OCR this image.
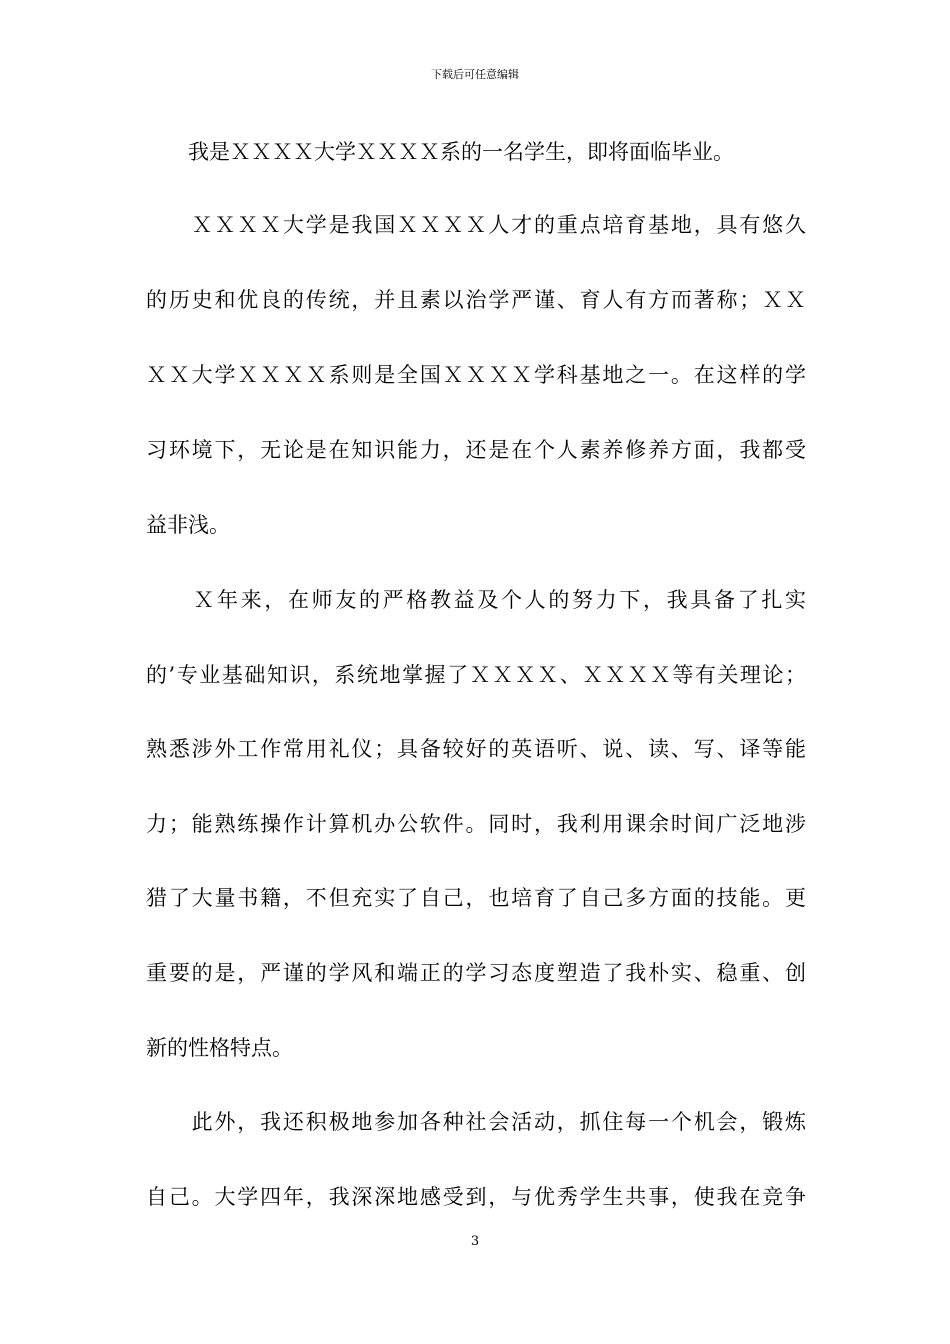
下载后可任意编辑
　　我是ＸＸＸＸ大学ＸＸＸＸ系的一名学生，即将面临毕业。
　　ＸＸＸＸ大学是我国ＸＸＸＸ人才的重点培育基地，具有悠久
的历史和优良的传统，并且素以治学严谨、育人有方而著称；ＸＸ
ＸＸ大学ＸＸＸＸ系则是全国ＸＸＸＸ学科基地之一。在这样的学
习环境下，无论是在知识能力，还是在个人素养修养方面，我都受
益非浅。
　　Ｘ年来，在师友的严格教益及个人的努力下，我具备了扎实
的’专业基础知识，系统地掌握了ＸＸＸＸ、ＸＸＸＸ等有关理论；
熟悉涉外工作常用礼仪；具备较好的英语听、说、读、写、译等能
力；能熟练操作计算机办公软件。同时，我利用课余时间广泛地涉
猎了大量书籍，不但充实了自己，也培育了自己多方面的技能。更
重要的是，严谨的学风和端正的学习态度塑造了我朴实、稳重、创
新的性格特点。
　　此外，我还积极地参加各种社会活动，抓住每一个机会，锻炼
自己。大学四年，我深深地感受到，与优秀学生共事，使我在竞争
3
